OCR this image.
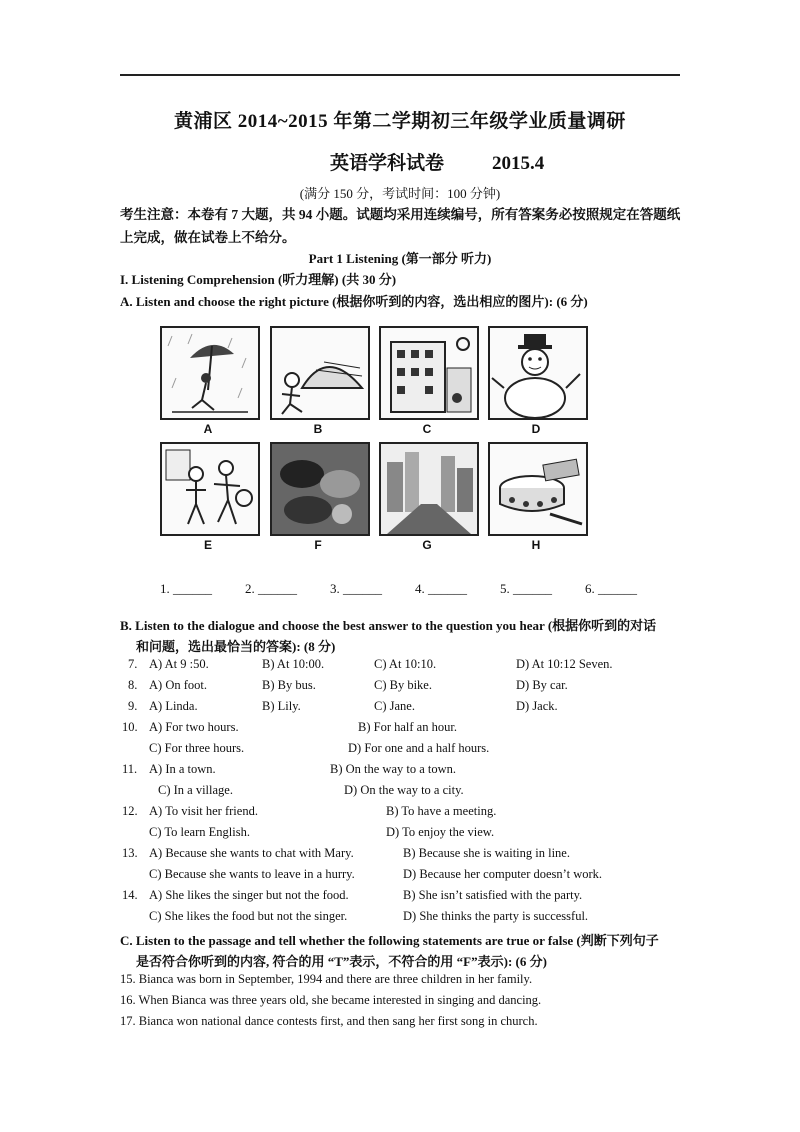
黄浦区 2014~2015 年第二学期初三年级学业质量调研
英语学科试卷	2015.4
(满分 150 分，考试时间：100 分钟)
考生注意：本卷有 7 大题，共 94 小题。试题均采用连续编号，所有答案务必按照规定在答题纸上完成，做在试卷上不给分。
Part 1 Listening (第一部分 听力)
I. Listening Comprehension (听力理解) (共 30 分)
A. Listen and choose the right picture (根据你听到的内容，选出相应的图片): (6 分)
A	B	C	D
E	F	G	H
1. ______	2. ______	3. ______	4. ______	5. ______	6. ______
B. Listen to the dialogue and choose the best answer to the question you hear (根据你听到的对话
和问题，选出最恰当的答案): (8 分)
7. A) At 9 :50.	B) At 10:00.	C) At 10:10.	D) At 10:12 Seven.
8. A) On foot.	B) By bus.	C) By bike.	D) By car.
9. A) Linda.	B) Lily.	C) Jane.	D) Jack.
10. A) For two hours.	B) For half an hour.
C) For three hours.	D) For one and a half hours.
11. A) In a town.	B) On the way to a town.
C) In a village.	D) On the way to a city.
12. A) To visit her friend.	B) To have a meeting.
C) To learn English.	D) To enjoy the view.
13. A) Because she wants to chat with Mary.	B) Because she is waiting in line.
C) Because she wants to leave in a hurry.	D) Because her computer doesn’t work.
14. A) She likes the singer but not the food.	B) She isn’t satisfied with the party.
C) She likes the food but not the singer.	D) She thinks the party is successful.
C. Listen to the passage and tell whether the following statements are true or false (判断下列句子
是否符合你听到的内容, 符合的用 “T”表示，不符合的用 “F”表示): (6 分)
15. Bianca was born in September, 1994 and there are three children in her family.
16. When Bianca was three years old, she became interested in singing and dancing.
17. Bianca won national dance contests first, and then sang her first song in church.
